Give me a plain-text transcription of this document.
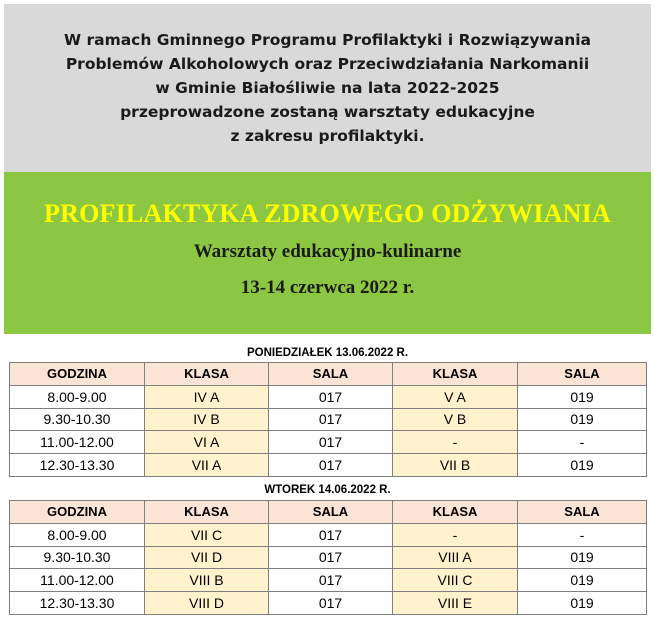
W ramach Gminnego Programu Profilaktyki i Rozwiązywania
Problemów Alkoholowych oraz Przeciwdziałania Narkomanii
w Gminie Białośliwie na lata 2022-2025
przeprowadzone zostaną warsztaty edukacyjne
z zakresu profilaktyki.
PROFILAKTYKA ZDROWEGO ODŻYWIANIA
Warsztaty edukacyjno-kulinarne
13-14 czerwca 2022 r.
PONIEDZIAŁEK 13.06.2022 R.
GODZINA	KLASA	SALA	KLASA	SALA
8.00-9.00	IV A	017	V A	019
9.30-10.30	IV B	017	V B	019
11.00-12.00	VI A	017	-	-
12.30-13.30	VII A	017	VII B	019
WTOREK 14.06.2022 R.
GODZINA	KLASA	SALA	KLASA	SALA
8.00-9.00	VII C	017	-	-
9.30-10.30	VII D	017	VIII A	019
11.00-12.00	VIII B	017	VIII C	019
12.30-13.30	VIII D	017	VIII E	019
